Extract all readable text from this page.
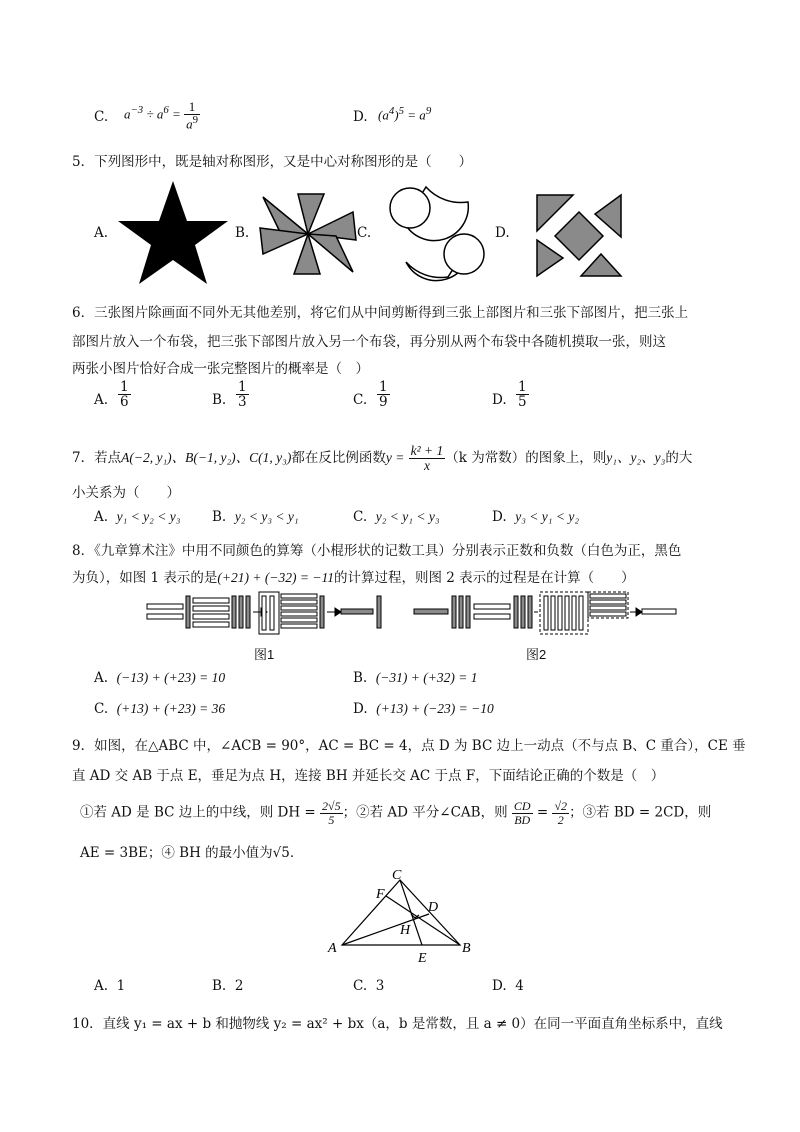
C. $a^{-3} \div a^6 = \frac{1}{a^9}$	D. $(a^4)^5 = a^9$
5．下列图形中，既是轴对称图形，又是中心对称图形的是（　　）
A.	B.	C.	D.
6．三张图片除画面不同外无其他差别，将它们从中间剪断得到三张上部图片和三张下部图片，把三张上
部图片放入一个布袋，把三张下部图片放入另一个布袋，再分别从两个布袋中各随机摸取一张，则这
两张小图片恰好合成一张完整图片的概率是（　）
A. $\frac{1}{6}$	B. $\frac{1}{3}$	C. $\frac{1}{9}$	D. $\frac{1}{5}$
7．若点A(−2, y₁)、B(−1, y₂)、C(1, y₃)都在反比例函数$y = \frac{\text{k² + 1}}{x} (k$ 为常数）的图象上，则y₁、y₂、y₃的大
小关系为（　　）
A. y₁ < y₂ < y₃ B. y₂ < y₃ < y₁	C. y₂ < y₁ < y₃	D. y₃ < y₁ < y₂
8．《九章算术注》中用不同颜色的算筹（小棍形状的记数工具）分别表示正数和负数（白色为正，黑色
为负），如图 1 表示的是(+21) + (−32) = −11的计算过程，则图 2 表示的过程是在计算（　　）
图1	图2
A. (−13) + (+23) = 10	B. (−31) + (+32) = 1
C. (+13) + (+23) = 36	D. (+13) + (−23) = −10
9．如图，在△ABC 中，∠ACB = 90°，AC = BC = 4，点 D 为 BC 边上一动点（不与点 B、C 重合），CE 垂
直 AD 交 AB 于点 E，垂足为点 H，连接 BH 并延长交 AC 于点 F，下面结论正确的个数是（　）
①若 AD 是 BC 边上的中线，则 DH = $\frac{2√5}{5}$ ；②若 AD 平分∠CAB，则 $\frac{CD}{BD} = \frac{√2}{2}$ ；③若 BD = 2CD，则
AE = 3BE；④ BH 的最小值为√5．
C
F
D
H
A	B
E
A. 1	B. 2	C. 3	D. 4
10．直线 y₁ = ax + b 和抛物线 y₂ = ax² + bx（a，b 是常数，且 a ≠ 0）在同一平面直角坐标系中，直线
